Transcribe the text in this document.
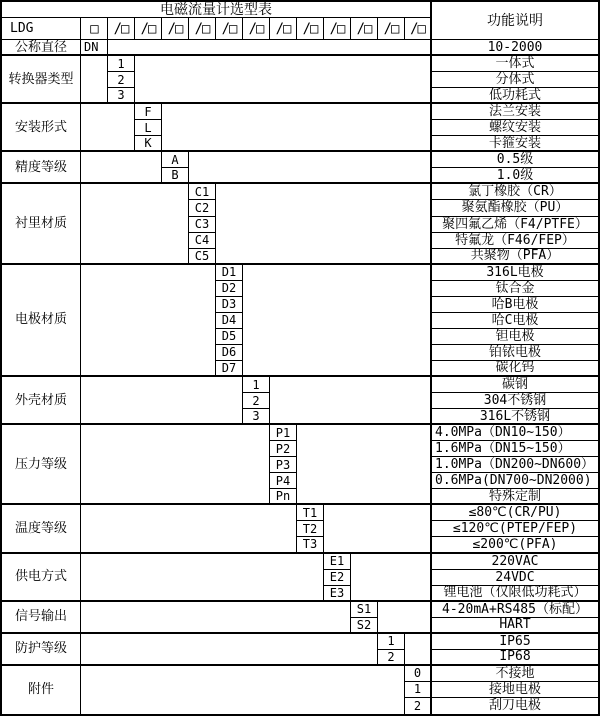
电磁流量计选型表
功能说明
LDG	□	/□ /□ /□ /□ /□ /□ /□ /□ /□ /□ /□ /□
公称直径	DN	10-2000
转换器类型
1	一体式
2	分体式
3	低功耗式
安装形式
F	法兰安装
L	螺纹安装
K	卡箍安装
精度等级
A	0.5级
B	1.0级
衬里材质
C1	氯丁橡胶（CR）
C2	聚氨酯橡胶（PU）
C3	聚四氟乙烯（F4/PTFE）
C4	特氟龙（F46/FEP）
C5	共聚物（PFA）
电极材质
D1	316L电极
D2	钛合金
D3	哈B电极
D4	哈C电极
D5	钽电极
D6	铂铱电极
D7	碳化钨
外壳材质
1	碳钢
2	304不锈钢
3	316L不锈钢
压力等级
P1	4.0MPa（DN10~150）
P2	1.6MPa（DN15~150）
P3	1.0MPa（DN200~DN600）
P4	0.6MPa(DN700~DN2000)
Pn	特殊定制
温度等级
T1	≤80℃(CR/PU)
T2	≤120℃(PTEP/FEP)
T3	≤200℃(PFA)
供电方式
E1	220VAC
E2	24VDC
E3	锂电池（仅限低功耗式）
信号输出
S1	4-20mA+RS485（标配）
S2	HART
防护等级
1	IP65
2	IP68
附件
0	不接地
1	接地电极
2	刮刀电极
